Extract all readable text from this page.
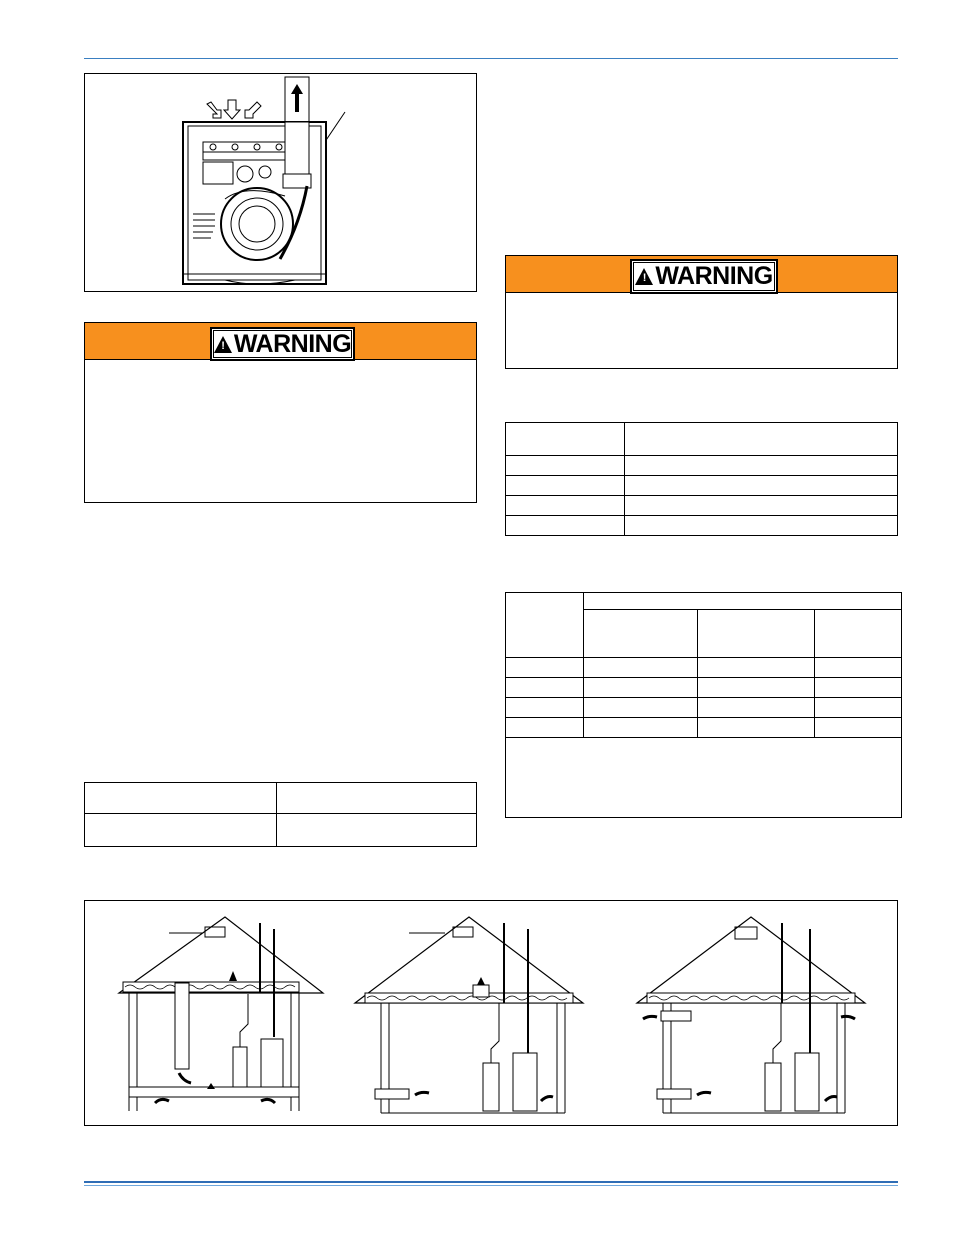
! WARNING
! WARNING
